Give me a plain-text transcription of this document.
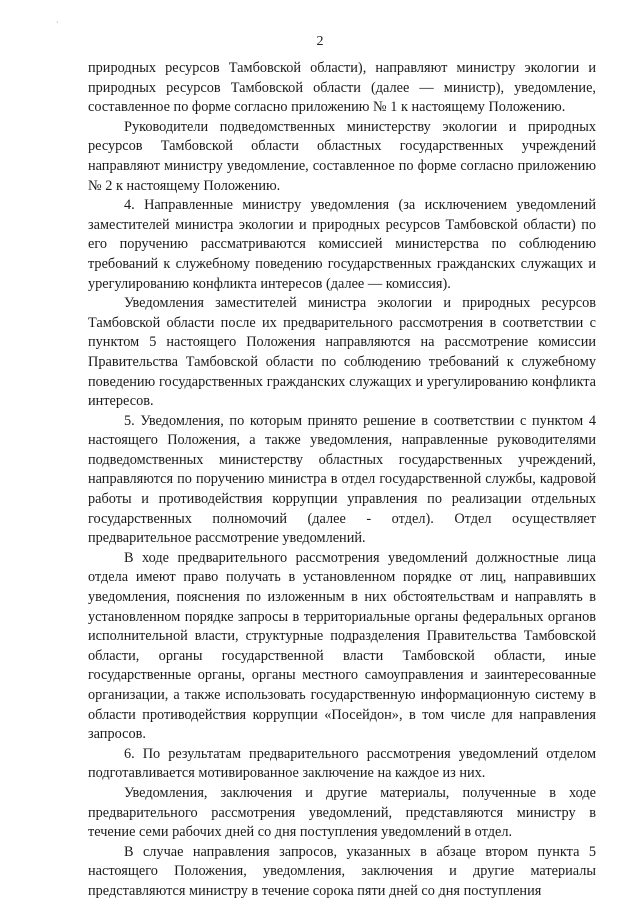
·
2

природных ресурсов Тамбовской области), направляют министру экологии и природных ресурсов Тамбовской области (далее — министр), уведомление, составленное по форме согласно приложению № 1 к настоящему Положению.

Руководители подведомственных министерству экологии и природных ресурсов Тамбовской области областных государственных учреждений направляют министру уведомление, составленное по форме согласно приложению № 2 к настоящему Положению.

4. Направленные министру уведомления (за исключением уведомлений заместителей министра экологии и природных ресурсов Тамбовской области) по его поручению рассматриваются комиссией министерства по соблюдению требований к служебному поведению государственных гражданских служащих и урегулированию конфликта интересов (далее — комиссия).

Уведомления заместителей министра экологии и природных ресурсов Тамбовской области после их предварительного рассмотрения в соответствии с пунктом 5 настоящего Положения направляются на рассмотрение комиссии Правительства Тамбовской области по соблюдению требований к служебному поведению государственных гражданских служащих и урегулированию конфликта интересов.

5. Уведомления, по которым принято решение в соответствии с пунктом 4 настоящего Положения, а также уведомления, направленные руководителями подведомственных министерству областных государственных учреждений, направляются по поручению министра в отдел государственной службы, кадровой работы и противодействия коррупции управления по реализации отдельных государственных полномочий (далее - отдел). Отдел осуществляет предварительное рассмотрение уведомлений.

В ходе предварительного рассмотрения уведомлений должностные лица отдела имеют право получать в установленном порядке от лиц, направивших уведомления, пояснения по изложенным в них обстоятельствам и направлять в установленном порядке запросы в территориальные органы федеральных органов исполнительной власти, структурные подразделения Правительства Тамбовской области, органы государственной власти Тамбовской области, иные государственные органы, органы местного самоуправления и заинтересованные организации, а также использовать государственную информационную систему в области противодействия коррупции «Посейдон», в том числе для направления запросов.

6. По результатам предварительного рассмотрения уведомлений отделом подготавливается мотивированное заключение на каждое из них.

Уведомления, заключения и другие материалы, полученные в ходе предварительного рассмотрения уведомлений, представляются министру в течение семи рабочих дней со дня поступления уведомлений в отдел.

В случае направления запросов, указанных в абзаце втором пункта 5 настоящего Положения, уведомления, заключения и другие материалы представляются министру в течение сорока пяти дней со дня поступления
